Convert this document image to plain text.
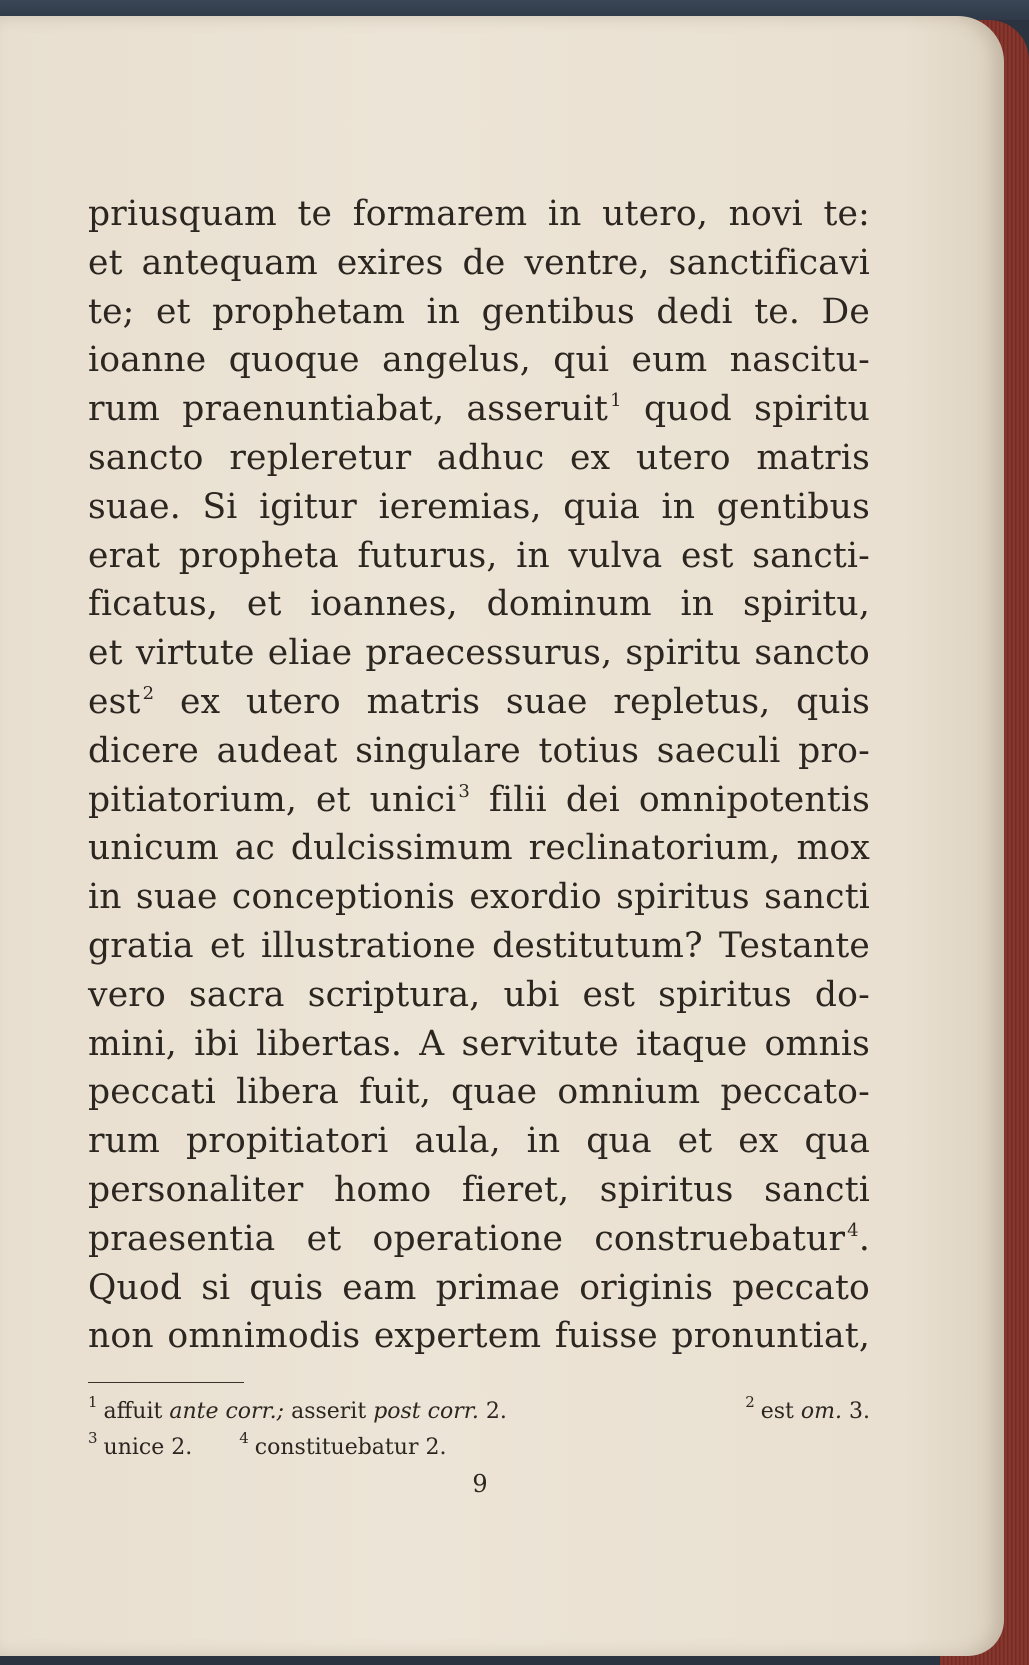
priusquam te formarem in utero, novi te:
et antequam exires de ventre, sanctificavi
te; et prophetam in gentibus dedi te. De
ioanne quoque angelus, qui eum nascitu-
rum praenuntiabat, asseruit $^1$ quod spiritu
sancto repleretur adhuc ex utero matris
suae. Si igitur ieremias, quia in gentibus
erat propheta futurus, in vulva est sancti-
ficatus, et ioannes, dominum in spiritu,
et virtute eliae praecessurus, spiritu sancto
est $^2$ ex utero matris suae repletus, quis
dicere audeat singulare totius saeculi pro-
pitiatorium, et unici $^3$ filii dei omnipotentis
unicum ac dulcissimum reclinatorium, mox
in suae conceptionis exordio spiritus sancti
gratia et illustratione destitutum? Testante
vero sacra scriptura, ubi est spiritus do-
mini, ibi libertas. A servitute itaque omnis
peccati libera fuit, quae omnium peccato-
rum propitiatori aula, in qua et ex qua
personaliter homo fieret, spiritus sancti
praesentia et operatione construebatur $^4$.
Quod si quis eam primae originis peccato
non omnimodis expertem fuisse pronuntiat,
$^1$ affuit ante corr.; asserit post corr. 2.	$^2$ est om. 3.
$^3$ unice 2.	$^4$ constituebatur 2.
9
